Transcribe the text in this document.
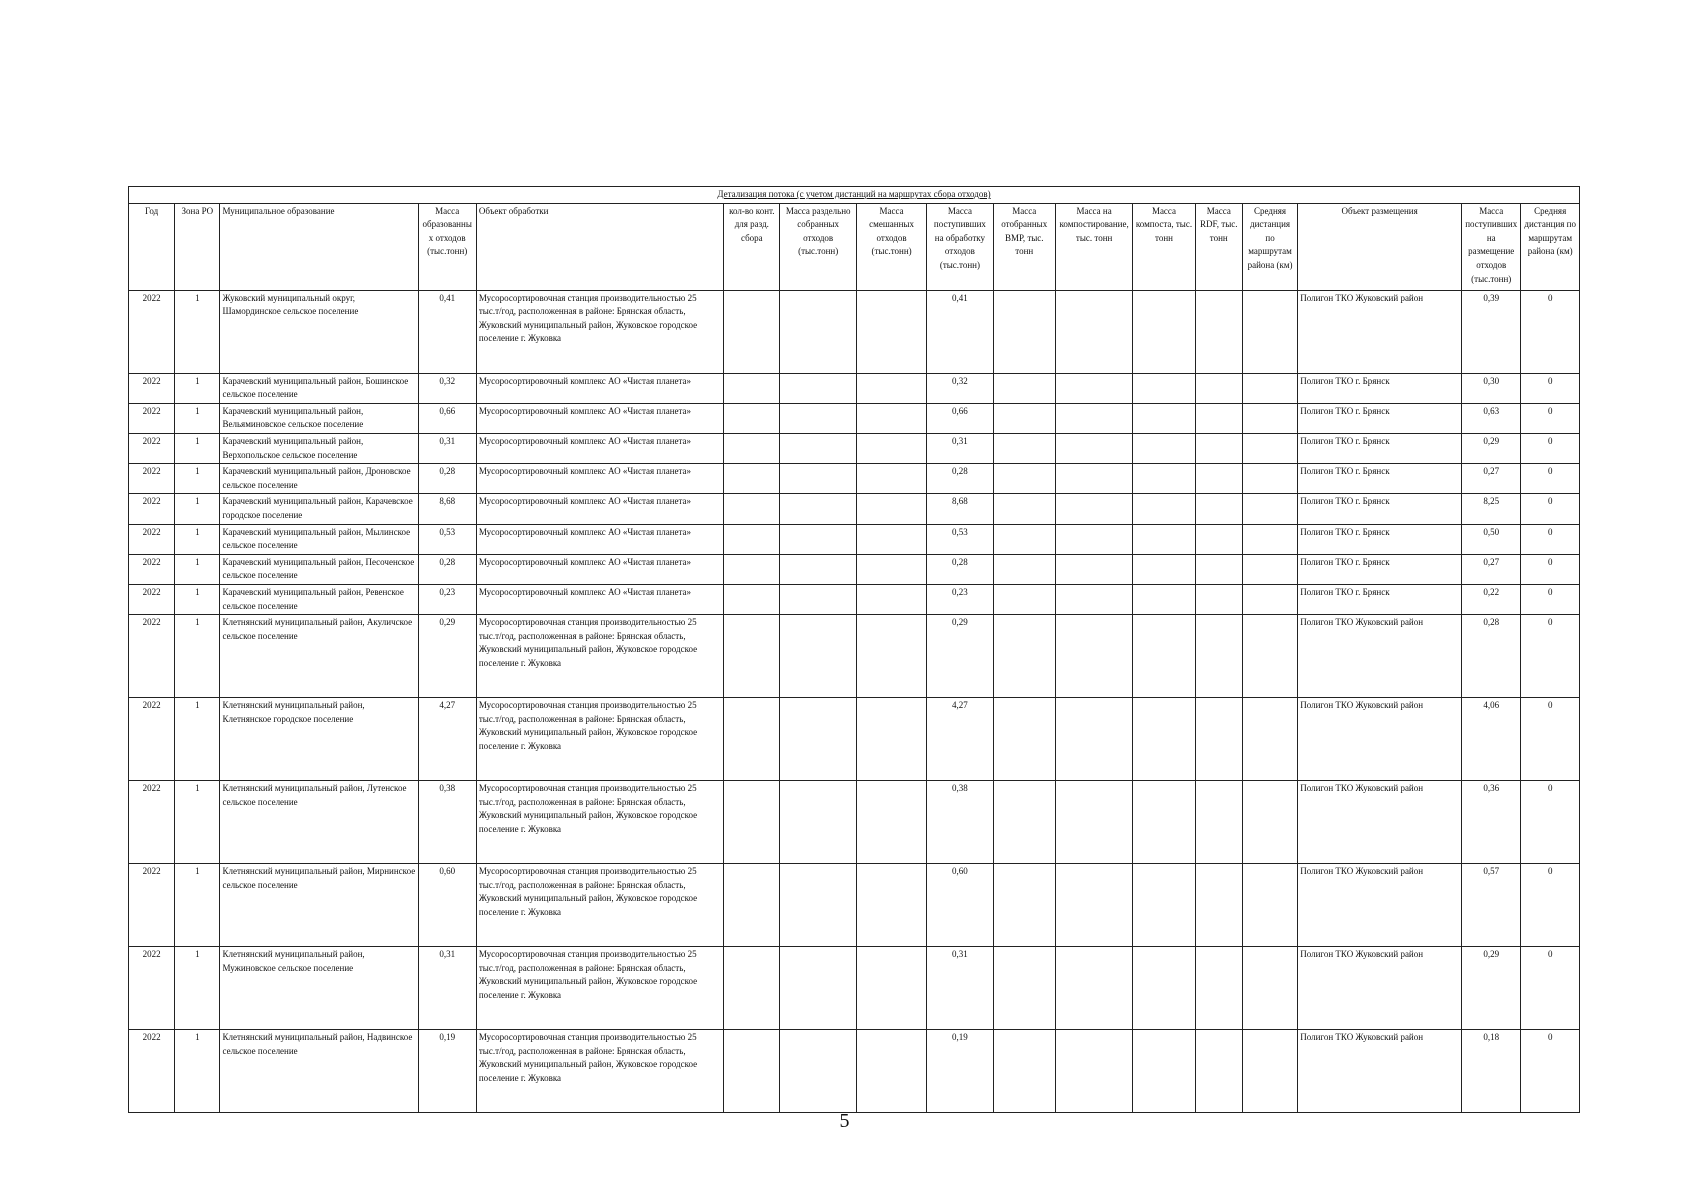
Детализация потока (с учетом дистанций на маршрутах сбора отходов)																
Год	Зона РО	Муниципальное образование	Масса образованных отходов (тыс.тонн)	Объект обработки	кол-во конт. для разд. сбора	Масса раздельно собранных отходов (тыс.тонн)	Масса смешанных отходов (тыс.тонн)	Масса поступивших на обработку отходов (тыс.тонн)	Масса отобранных ВМР, тыс. тонн	Масса на компостирование, тыс. тонн	Масса компоста, тыс. тонн	Масса RDF, тыс. тонн	Средняя дистанция по маршрутам района (км)	Объект размещения	Масса поступивших на размещение отходов (тыс.тонн)	Средняя дистанция по маршрутам района (км)
2022	1	Жуковский муниципальный округ, Шамординское сельское поселение	0,41	Мусоросортировочная станция производительностью 25 тыс.т/год, расположенная в районе: Брянская область, Жуковский муниципальный район, Жуковское городское поселение г. Жуковка				0,41						Полигон ТКО Жуковский район	0,39	0
2022	1	Карачевский муниципальный район, Бошинское сельское поселение	0,32	Мусоросортировочный комплекс АО «Чистая планета»				0,32						Полигон ТКО г. Брянск	0,30	0
2022	1	Карачевский муниципальный район, Вельяминовское сельское поселение	0,66	Мусоросортировочный комплекс АО «Чистая планета»				0,66						Полигон ТКО г. Брянск	0,63	0
2022	1	Карачевский муниципальный район, Верхопольское сельское поселение	0,31	Мусоросортировочный комплекс АО «Чистая планета»				0,31						Полигон ТКО г. Брянск	0,29	0
2022	1	Карачевский муниципальный район, Дроновское сельское поселение	0,28	Мусоросортировочный комплекс АО «Чистая планета»				0,28						Полигон ТКО г. Брянск	0,27	0
2022	1	Карачевский муниципальный район, Карачевское городское поселение	8,68	Мусоросортировочный комплекс АО «Чистая планета»				8,68						Полигон ТКО г. Брянск	8,25	0
2022	1	Карачевский муниципальный район, Мылинское сельское поселение	0,53	Мусоросортировочный комплекс АО «Чистая планета»				0,53						Полигон ТКО г. Брянск	0,50	0
2022	1	Карачевский муниципальный район, Песоченское сельское поселение	0,28	Мусоросортировочный комплекс АО «Чистая планета»				0,28						Полигон ТКО г. Брянск	0,27	0
2022	1	Карачевский муниципальный район, Ревенское сельское поселение	0,23	Мусоросортировочный комплекс АО «Чистая планета»				0,23						Полигон ТКО г. Брянск	0,22	0
2022	1	Клетнянский муниципальный район, Акуличское сельское поселение	0,29	Мусоросортировочная станция производительностью 25 тыс.т/год, расположенная в районе: Брянская область, Жуковский муниципальный район, Жуковское городское поселение г. Жуковка				0,29						Полигон ТКО Жуковский район	0,28	0
2022	1	Клетнянский муниципальный район, Клетнянское городское поселение	4,27	Мусоросортировочная станция производительностью 25 тыс.т/год, расположенная в районе: Брянская область, Жуковский муниципальный район, Жуковское городское поселение г. Жуковка				4,27						Полигон ТКО Жуковский район	4,06	0
2022	1	Клетнянский муниципальный район, Лутенское сельское поселение	0,38	Мусоросортировочная станция производительностью 25 тыс.т/год, расположенная в районе: Брянская область, Жуковский муниципальный район, Жуковское городское поселение г. Жуковка				0,38						Полигон ТКО Жуковский район	0,36	0
2022	1	Клетнянский муниципальный район, Мирнинское сельское поселение	0,60	Мусоросортировочная станция производительностью 25 тыс.т/год, расположенная в районе: Брянская область, Жуковский муниципальный район, Жуковское городское поселение г. Жуковка				0,60						Полигон ТКО Жуковский район	0,57	0
2022	1	Клетнянский муниципальный район, Мужиновское сельское поселение	0,31	Мусоросортировочная станция производительностью 25 тыс.т/год, расположенная в районе: Брянская область, Жуковский муниципальный район, Жуковское городское поселение г. Жуковка				0,31						Полигон ТКО Жуковский район	0,29	0
2022	1	Клетнянский муниципальный район, Надвинское сельское поселение	0,19	Мусоросортировочная станция производительностью 25 тыс.т/год, расположенная в районе: Брянская область, Жуковский муниципальный район, Жуковское городское поселение г. Жуковка				0,19						Полигон ТКО Жуковский район	0,18	0
5
